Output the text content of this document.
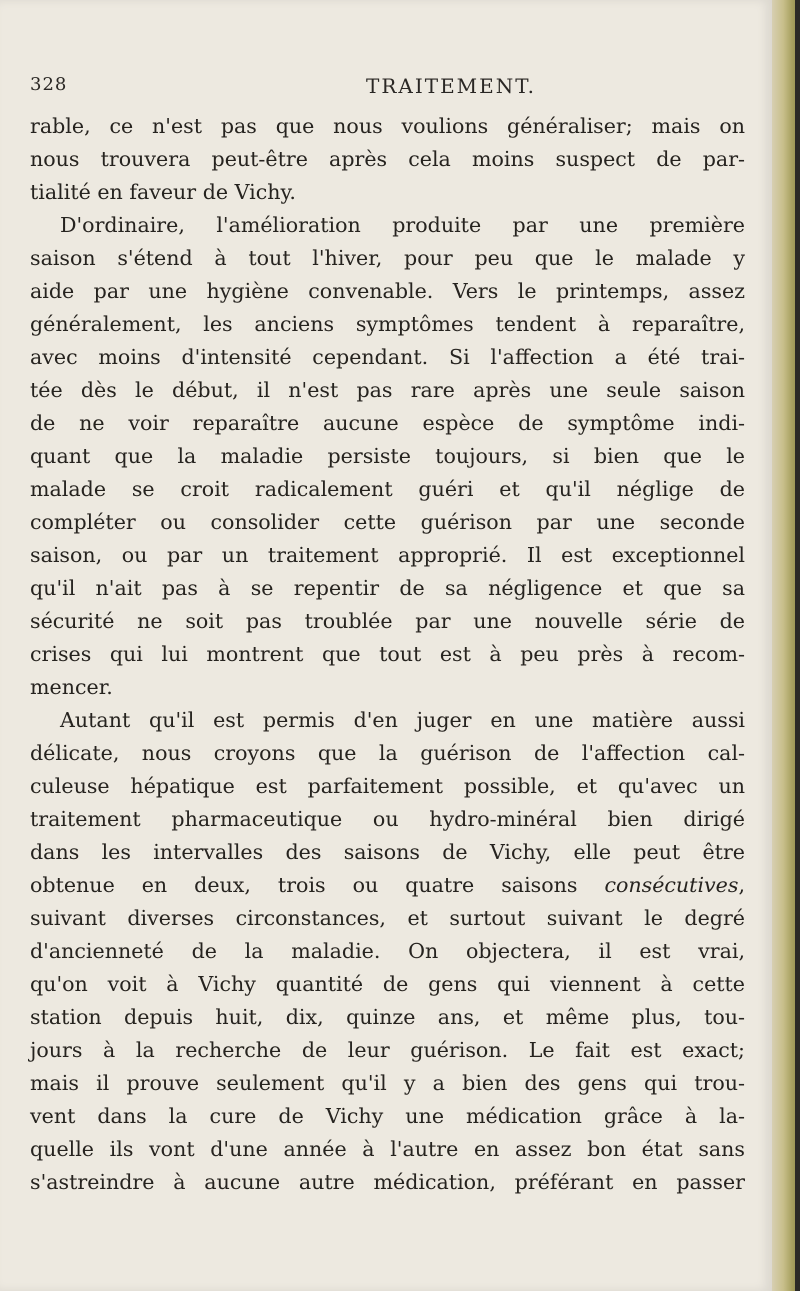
328	TRAITEMENT.
rable, ce n'est pas que nous voulions généraliser; mais on
nous trouvera peut-être après cela moins suspect de par-
tialité en faveur de Vichy.
D'ordinaire, l'amélioration produite par une première
saison s'étend à tout l'hiver, pour peu que le malade y
aide par une hygiène convenable. Vers le printemps, assez
généralement, les anciens symptômes tendent à reparaître,
avec moins d'intensité cependant. Si l'affection a été trai-
tée dès le début, il n'est pas rare après une seule saison
de ne voir reparaître aucune espèce de symptôme indi-
quant que la maladie persiste toujours, si bien que le
malade se croit radicalement guéri et qu'il néglige de
compléter ou consolider cette guérison par une seconde
saison, ou par un traitement approprié. Il est exceptionnel
qu'il n'ait pas à se repentir de sa négligence et que sa
sécurité ne soit pas troublée par une nouvelle série de
crises qui lui montrent que tout est à peu près à recom-
mencer.
Autant qu'il est permis d'en juger en une matière aussi
délicate, nous croyons que la guérison de l'affection cal-
culeuse hépatique est parfaitement possible, et qu'avec un
traitement pharmaceutique ou hydro-minéral bien dirigé
dans les intervalles des saisons de Vichy, elle peut être
obtenue en deux, trois ou quatre saisons consécutives,
suivant diverses circonstances, et surtout suivant le degré
d'ancienneté de la maladie. On objectera, il est vrai,
qu'on voit à Vichy quantité de gens qui viennent à cette
station depuis huit, dix, quinze ans, et même plus, tou-
jours à la recherche de leur guérison. Le fait est exact;
mais il prouve seulement qu'il y a bien des gens qui trou-
vent dans la cure de Vichy une médication grâce à la-
quelle ils vont d'une année à l'autre en assez bon état sans
s'astreindre à aucune autre médication, préférant en passer
